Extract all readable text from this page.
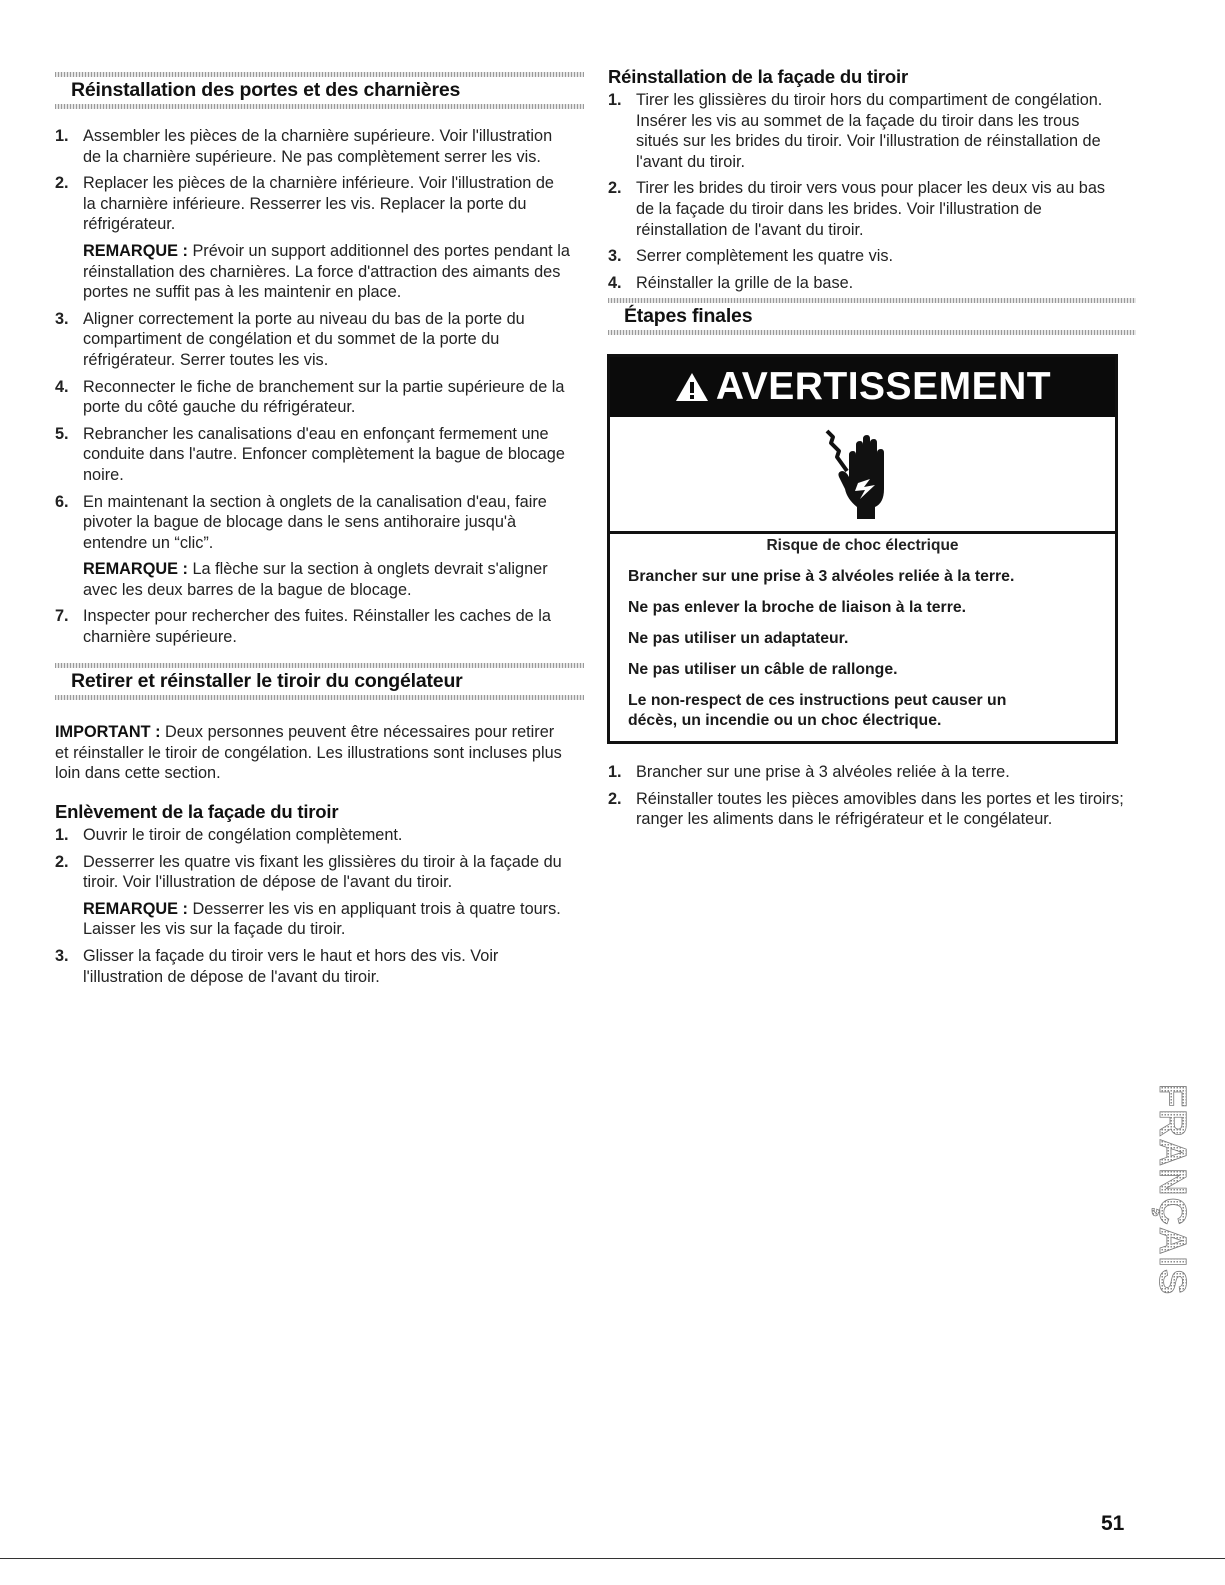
Réinstallation des portes et des charnières
1. Assembler les pièces de la charnière supérieure. Voir l'illustration de la charnière supérieure. Ne pas complètement serrer les vis.
2. Replacer les pièces de la charnière inférieure. Voir l'illustration de la charnière inférieure. Resserrer les vis. Replacer la porte du réfrigérateur.
REMARQUE : Prévoir un support additionnel des portes pendant la réinstallation des charnières. La force d'attraction des aimants des portes ne suffit pas à les maintenir en place.
3. Aligner correctement la porte au niveau du bas de la porte du compartiment de congélation et du sommet de la porte du réfrigérateur. Serrer toutes les vis.
4. Reconnecter le fiche de branchement sur la partie supérieure de la porte du côté gauche du réfrigérateur.
5. Rebrancher les canalisations d'eau en enfonçant fermement une conduite dans l'autre. Enfoncer complètement la bague de blocage noire.
6. En maintenant la section à onglets de la canalisation d'eau, faire pivoter la bague de blocage dans le sens antihoraire jusqu'à entendre un “clic”.
REMARQUE : La flèche sur la section à onglets devrait s'aligner avec les deux barres de la bague de blocage.
7. Inspecter pour rechercher des fuites. Réinstaller les caches de la charnière supérieure.
Retirer et réinstaller le tiroir du congélateur
IMPORTANT : Deux personnes peuvent être nécessaires pour retirer et réinstaller le tiroir de congélation. Les illustrations sont incluses plus loin dans cette section.
Enlèvement de la façade du tiroir
1. Ouvrir le tiroir de congélation complètement.
2. Desserrer les quatre vis fixant les glissières du tiroir à la façade du tiroir. Voir l'illustration de dépose de l'avant du tiroir.
REMARQUE : Desserrer les vis en appliquant trois à quatre tours. Laisser les vis sur la façade du tiroir.
3. Glisser la façade du tiroir vers le haut et hors des vis. Voir l'illustration de dépose de l'avant du tiroir.
Réinstallation de la façade du tiroir
1. Tirer les glissières du tiroir hors du compartiment de congélation. Insérer les vis au sommet de la façade du tiroir dans les trous situés sur les brides du tiroir. Voir l'illustration de réinstallation de l'avant du tiroir.
2. Tirer les brides du tiroir vers vous pour placer les deux vis au bas de la façade du tiroir dans les brides. Voir l'illustration de réinstallation de l'avant du tiroir.
3. Serrer complètement les quatre vis.
4. Réinstaller la grille de la base.
Étapes finales
1. Brancher sur une prise à 3 alvéoles reliée à la terre.
2. Réinstaller toutes les pièces amovibles dans les portes et les tiroirs; ranger les aliments dans le réfrigérateur et le congélateur.
AVERTISSEMENT
Risque de choc électrique
Brancher sur une prise à 3 alvéoles reliée à la terre.
Ne pas enlever la broche de liaison à la terre.
Ne pas utiliser un adaptateur.
Ne pas utiliser un câble de rallonge.
Le non-respect de ces instructions peut causer un décès, un incendie ou un choc électrique.
FRANÇAIS
51
